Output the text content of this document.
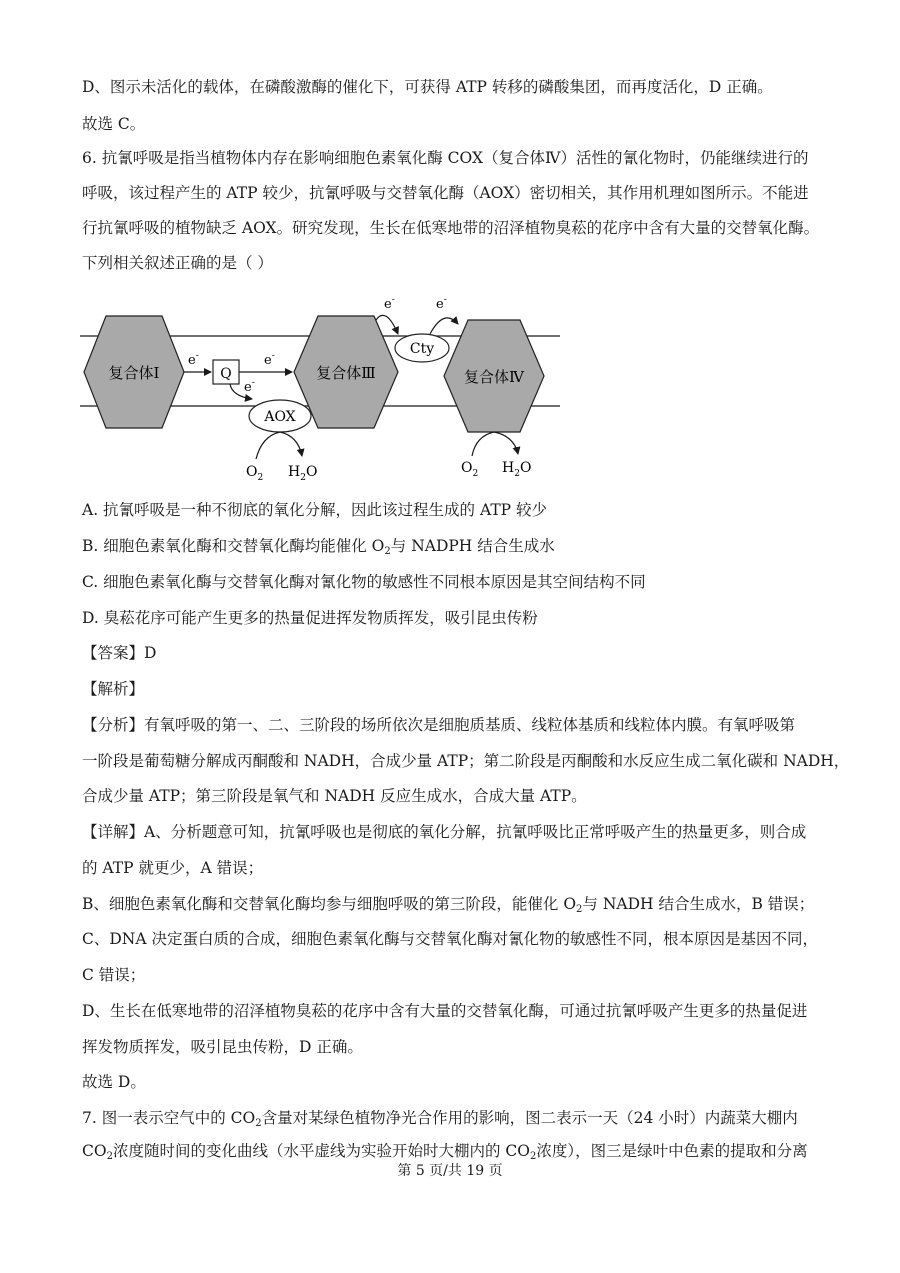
D、图示未活化的载体，在磷酸激酶的催化下，可获得 ATP 转移的磷酸集团，而再度活化，D 正确。
故选 C。
6. 抗氰呼吸是指当植物体内存在影响细胞色素氧化酶 COX（复合体Ⅳ）活性的氰化物时，仍能继续进行的
呼吸，该过程产生的 ATP 较少，抗氰呼吸与交替氧化酶（AOX）密切相关，其作用机理如图所示。不能进
行抗氰呼吸的植物缺乏 AOX。研究发现，生长在低寒地带的沼泽植物臭菘的花序中含有大量的交替氧化酶。
下列相关叙述正确的是（ ）
复合体Ⅰ	复合体Ⅲ	复合体Ⅳ
Q
e-	e-
e-
AOX
Cty
e-	e-
$O_2$ $H_2O$	$O_2$ $H_2O$
A. 抗氰呼吸是一种不彻底的氧化分解，因此该过程生成的 ATP 较少
B. 细胞色素氧化酶和交替氧化酶均能催化 $O_2$与 NADPH 结合生成水
C. 细胞色素氧化酶与交替氧化酶对氰化物的敏感性不同根本原因是其空间结构不同
D. 臭菘花序可能产生更多的热量促进挥发物质挥发，吸引昆虫传粉
【答案】D
【解析】
【分析】有氧呼吸的第一、二、三阶段的场所依次是细胞质基质、线粒体基质和线粒体内膜。有氧呼吸第
一阶段是葡萄糖分解成丙酮酸和 NADH，合成少量 ATP；第二阶段是丙酮酸和水反应生成二氧化碳和 NADH，
合成少量 ATP；第三阶段是氧气和 NADH 反应生成水，合成大量 ATP。
【详解】A、分析题意可知，抗氰呼吸也是彻底的氧化分解，抗氰呼吸比正常呼吸产生的热量更多，则合成
的 ATP 就更少，A 错误；
B、细胞色素氧化酶和交替氧化酶均参与细胞呼吸的第三阶段，能催化 $O_2$与 NADH 结合生成水，B 错误；
C、DNA 决定蛋白质的合成，细胞色素氧化酶与交替氧化酶对氰化物的敏感性不同，根本原因是基因不同，
C 错误；
D、生长在低寒地带的沼泽植物臭菘的花序中含有大量的交替氧化酶，可通过抗氰呼吸产生更多的热量促进
挥发物质挥发，吸引昆虫传粉，D 正确。
故选 D。
7. 图一表示空气中的 $CO_2$含量对某绿色植物净光合作用的影响，图二表示一天（24 小时）内蔬菜大棚内
$CO_2$浓度随时间的变化曲线（水平虚线为实验开始时大棚内的 $CO_2$浓度），图三是绿叶中色素的提取和分离
第 5 页/共 19 页
